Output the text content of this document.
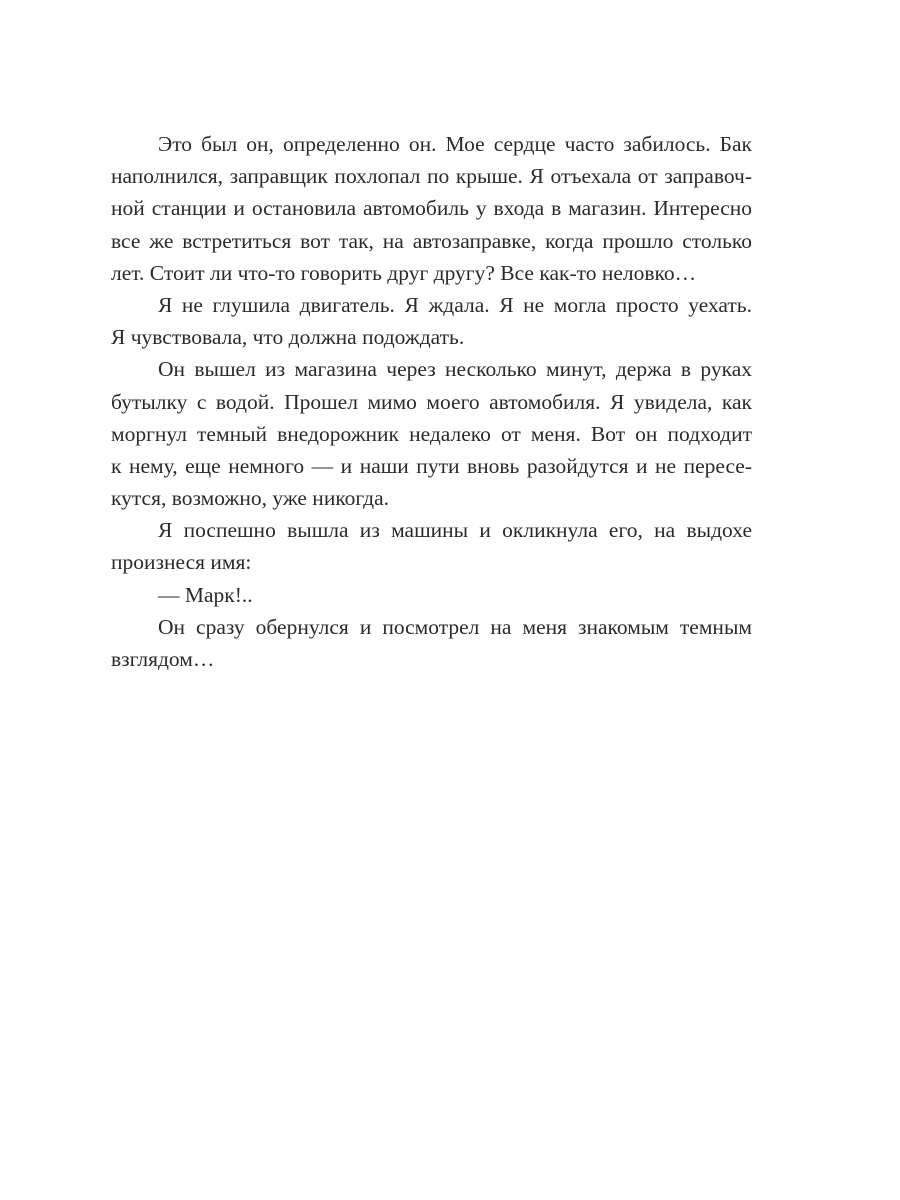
Это был он, определенно он. Мое сердце часто забилось. Бак
наполнился, заправщик похлопал по крыше. Я отъехала от заправоч-
ной станции и остановила автомобиль у входа в магазин. Интересно
все же встретиться вот так, на автозаправке, когда прошло столько
лет. Стоит ли что-то говорить друг другу? Все как-то неловко…
Я не глушила двигатель. Я ждала. Я не могла просто уехать.
Я чувствовала, что должна подождать.
Он вышел из магазина через несколько минут, держа в руках
бутылку с водой. Прошел мимо моего автомобиля. Я увидела, как
моргнул темный внедорожник недалеко от меня. Вот он подходит
к нему, еще немного — и наши пути вновь разойдутся и не пересе-
кутся, возможно, уже никогда.
Я поспешно вышла из машины и окликнула его, на выдохе
произнеся имя:
— Марк!..
Он сразу обернулся и посмотрел на меня знакомым темным
взглядом…
